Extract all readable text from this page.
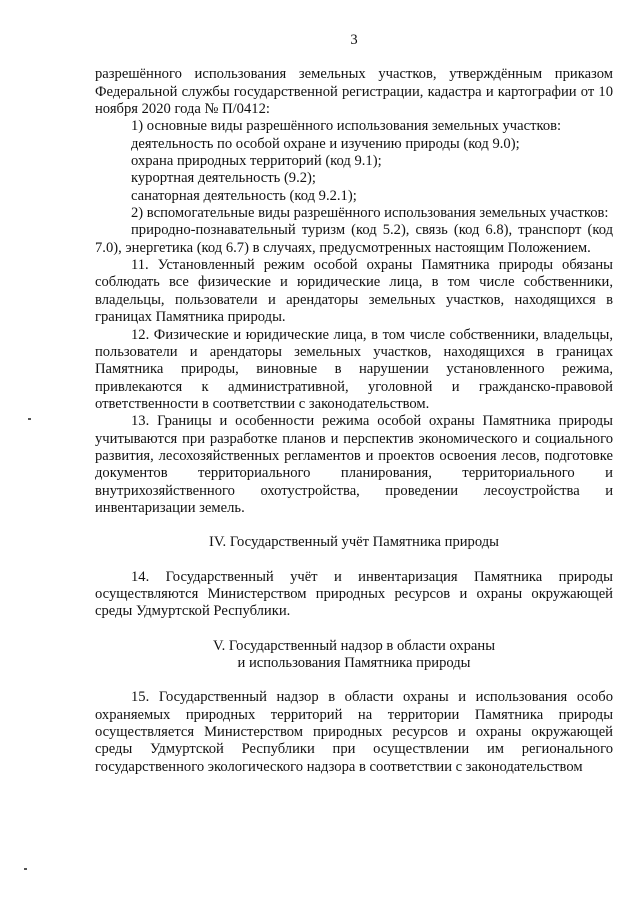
3

разрешённого использования земельных участков, утверждённым приказом Федеральной службы государственной регистрации, кадастра и картографии от 10 ноября 2020 года № П/0412:

1) основные виды разрешённого использования земельных участков:

деятельность по особой охране и изучению природы (код 9.0);

охрана природных территорий (код 9.1);

курортная деятельность (9.2);

санаторная деятельность (код 9.2.1);

2) вспомогательные виды разрешённого использования земельных участков:

природно-познавательный туризм (код 5.2), связь (код 6.8), транспорт (код 7.0), энергетика (код 6.7) в случаях, предусмотренных настоящим Положением.

11. Установленный режим особой охраны Памятника природы обязаны соблюдать все физические и юридические лица, в том числе собственники, владельцы, пользователи и арендаторы земельных участков, находящихся в границах Памятника природы.

12. Физические и юридические лица, в том числе собственники, владельцы, пользователи и арендаторы земельных участков, находящихся в границах Памятника природы, виновные в нарушении установленного режима, привлекаются к административной, уголовной и гражданско-правовой ответственности в соответствии с законодательством.

13. Границы и особенности режима особой охраны Памятника природы учитываются при разработке планов и перспектив экономического и социального развития, лесохозяйственных регламентов и проектов освоения лесов, подготовке документов территориального планирования, территориального и внутрихозяйственного охотустройства, проведении лесоустройства и инвентаризации земель.

IV. Государственный учёт Памятника природы

14. Государственный учёт и инвентаризация Памятника природы осуществляются Министерством природных ресурсов и охраны окружающей среды Удмуртской Республики.

V. Государственный надзор в области охраны
и использования Памятника природы

15. Государственный надзор в области охраны и использования особо охраняемых природных территорий на территории Памятника природы осуществляется Министерством природных ресурсов и охраны окружающей среды Удмуртской Республики при осуществлении им регионального государственного экологического надзора в соответствии с законодательством
